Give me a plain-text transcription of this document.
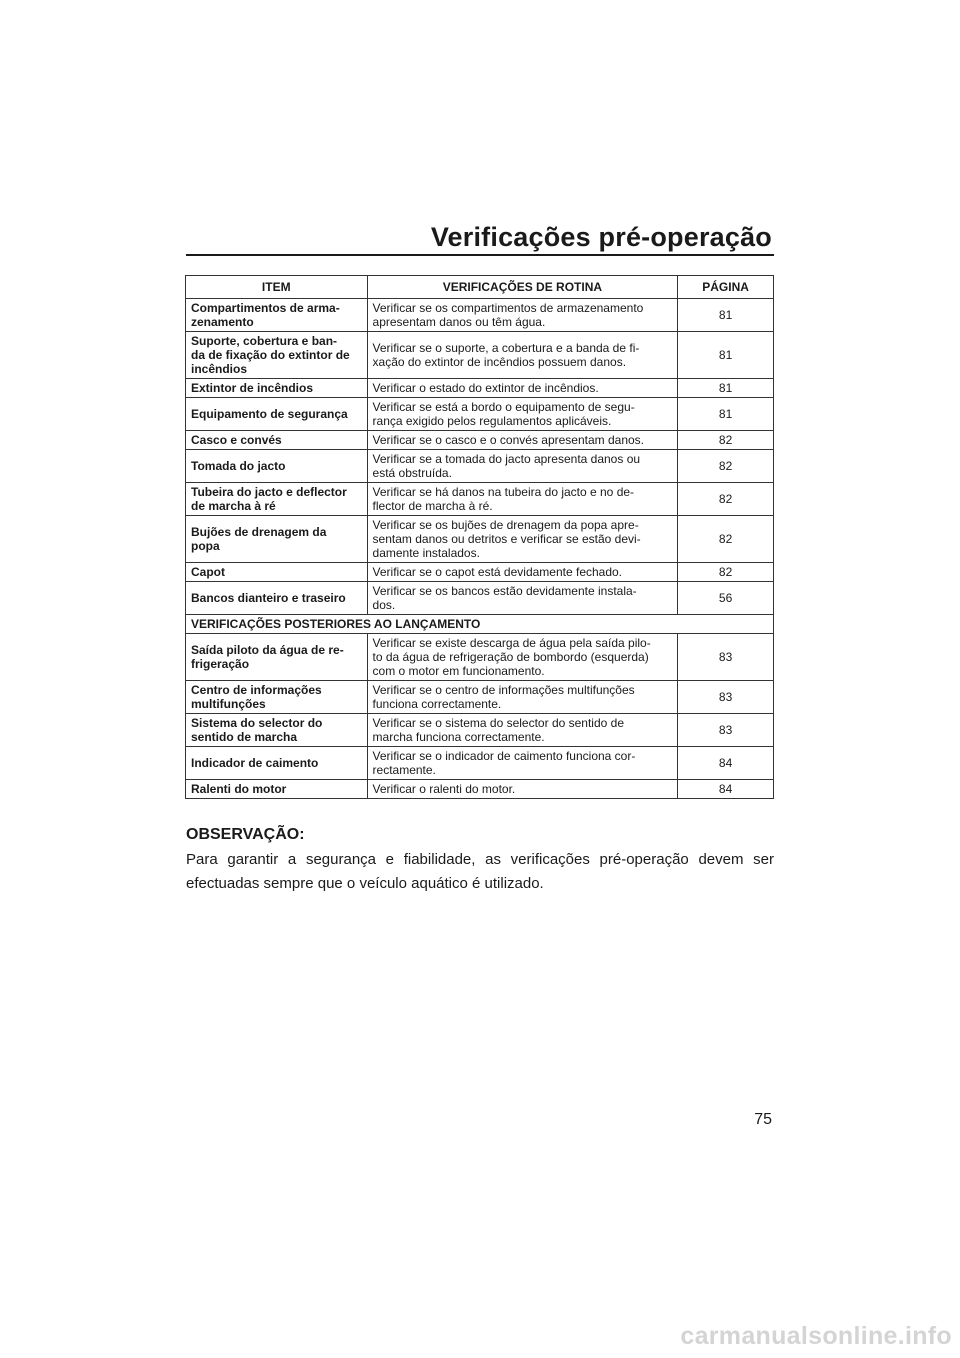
Verificações pré-operação
ITEM	VERIFICAÇÕES DE ROTINA	PÁGINA
Compartimentos de arma-
zenamento	Verificar se os compartimentos de armazenamento
apresentam danos ou têm água.	81
Suporte, cobertura e ban-
da de fixação do extintor de
incêndios	Verificar se o suporte, a cobertura e a banda de fi-
xação do extintor de incêndios possuem danos.	81
Extintor de incêndios	Verificar o estado do extintor de incêndios.	81
Equipamento de segurança	Verificar se está a bordo o equipamento de segu-
rança exigido pelos regulamentos aplicáveis.	81
Casco e convés	Verificar se o casco e o convés apresentam danos.	82
Tomada do jacto	Verificar se a tomada do jacto apresenta danos ou
está obstruída.	82
Tubeira do jacto e deflector
de marcha à ré	Verificar se há danos na tubeira do jacto e no de-
flector de marcha à ré.	82
Bujões de drenagem da
popa	Verificar se os bujões de drenagem da popa apre-
sentam danos ou detritos e verificar se estão devi-
damente instalados.	82
Capot	Verificar se o capot está devidamente fechado.	82
Bancos dianteiro e traseiro	Verificar se os bancos estão devidamente instala-
dos.	56
VERIFICAÇÕES POSTERIORES AO LANÇAMENTO		
Saída piloto da água de re-
frigeração	Verificar se existe descarga de água pela saída pilo-
to da água de refrigeração de bombordo (esquerda)
com o motor em funcionamento.	83
Centro de informações
multifunções	Verificar se o centro de informações multifunções
funciona correctamente.	83
Sistema do selector do
sentido de marcha	Verificar se o sistema do selector do sentido de
marcha funciona correctamente.	83
Indicador de caimento	Verificar se o indicador de caimento funciona cor-
rectamente.	84
Ralenti do motor	Verificar o ralenti do motor.	84
OBSERVAÇÃO:
Para garantir a segurança e fiabilidade, as verificações pré-operação devem ser efectuadas sempre que o veículo aquático é utilizado.
75
carmanualsonline.info
